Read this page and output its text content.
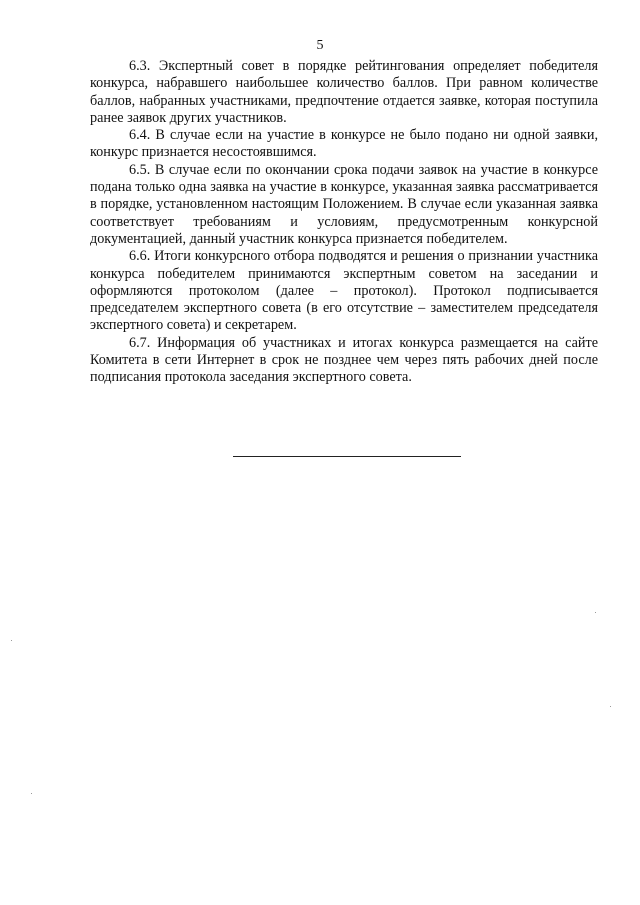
5

6.3. Экспертный совет в порядке рейтингования определяет победителя конкурса, набравшего наибольшее количество баллов. При равном количестве баллов, набранных участниками, предпочтение отдается заявке, которая поступила ранее заявок других участников.

6.4. В случае если на участие в конкурсе не было подано ни одной заявки, конкурс признается несостоявшимся.

6.5. В случае если по окончании срока подачи заявок на участие в конкурсе подана только одна заявка на участие в конкурсе, указанная заявка рассматривается в порядке, установленном настоящим Положением. В случае если указанная заявка соответствует требованиям и условиям, предусмотренным конкурсной документацией, данный участник конкурса признается победителем.

6.6. Итоги конкурсного отбора подводятся и решения о признании участника конкурса победителем принимаются экспертным советом на заседании и оформляются протоколом (далее – протокол). Протокол подписывается председателем экспертного совета (в его отсутствие – заместителем председателя экспертного совета) и секретарем.

6.7. Информация об участниках и итогах конкурса размещается на сайте Комитета в сети Интернет в срок не позднее чем через пять рабочих дней после подписания протокола заседания экспертного совета.
